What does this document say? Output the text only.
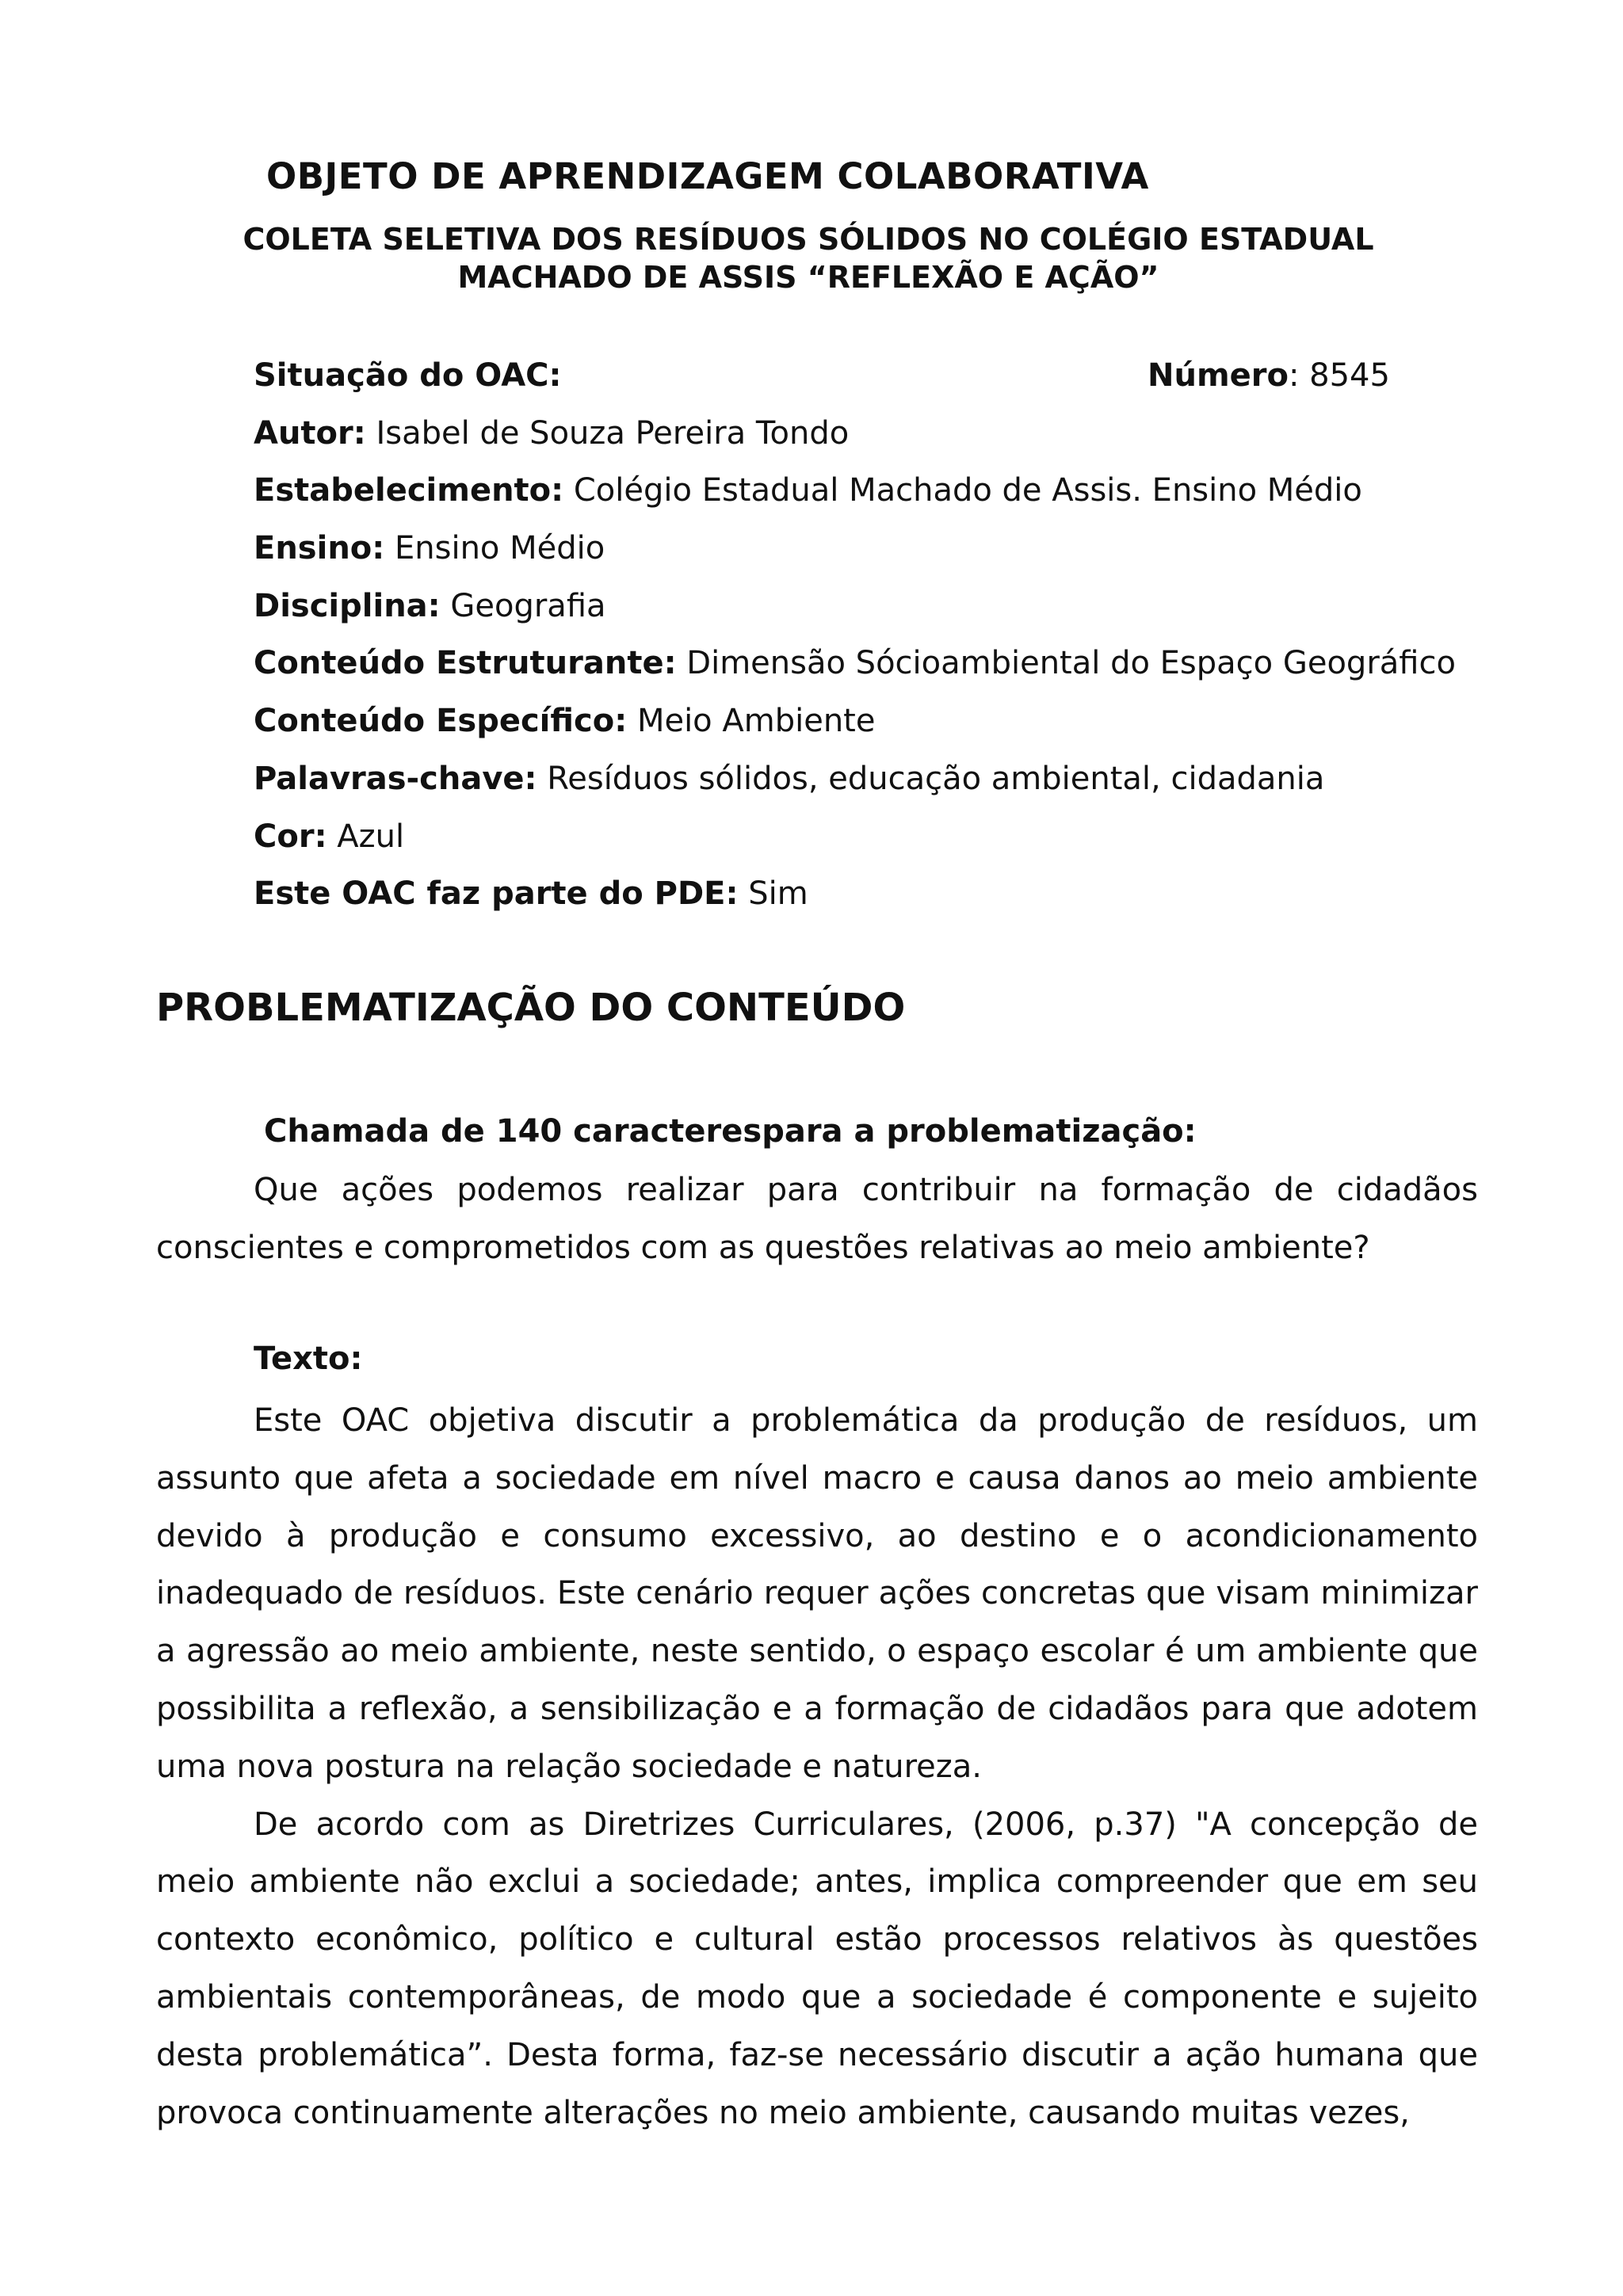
OBJETO DE APRENDIZAGEM COLABORATIVA
COLETA SELETIVA DOS RESÍDUOS SÓLIDOS NO COLÉGIO ESTADUAL
MACHADO DE ASSIS “REFLEXÃO E AÇÃO”
Situação do OAC:	Número: 8545
Autor: Isabel de Souza Pereira Tondo
Estabelecimento: Colégio Estadual Machado de Assis. Ensino Médio
Ensino: Ensino Médio
Disciplina: Geografia
Conteúdo Estruturante: Dimensão Sócioambiental do Espaço Geográfico
Conteúdo Específico: Meio Ambiente
Palavras-chave: Resíduos sólidos, educação ambiental, cidadania
Cor: Azul
Este OAC faz parte do PDE: Sim
PROBLEMATIZAÇÃO DO CONTEÚDO
Chamada de 140 caracterespara a problematização:

Que ações podemos realizar para contribuir na formação de cidadãos conscientes e comprometidos com as questões relativas ao meio ambiente?

Texto:

Este OAC objetiva discutir a problemática da produção de resíduos, um assunto que afeta a sociedade em nível macro e causa danos ao meio ambiente devido à produção e consumo excessivo, ao destino e o acondicionamento inadequado de resíduos. Este cenário requer ações concretas que visam minimizar a agressão ao meio ambiente, neste sentido, o espaço escolar é um ambiente que possibilita a reflexão, a sensibilização e a formação de cidadãos para que adotem uma nova postura na relação sociedade e natureza.

De acordo com as Diretrizes Curriculares, (2006, p.37) "A concepção de meio ambiente não exclui a sociedade; antes, implica compreender que em seu contexto econômico, político e cultural estão processos relativos às questões ambientais contemporâneas, de modo que a sociedade é componente e sujeito desta problemática”. Desta forma, faz-se necessário discutir a ação humana que provoca continuamente alterações no meio ambiente, causando muitas vezes,
